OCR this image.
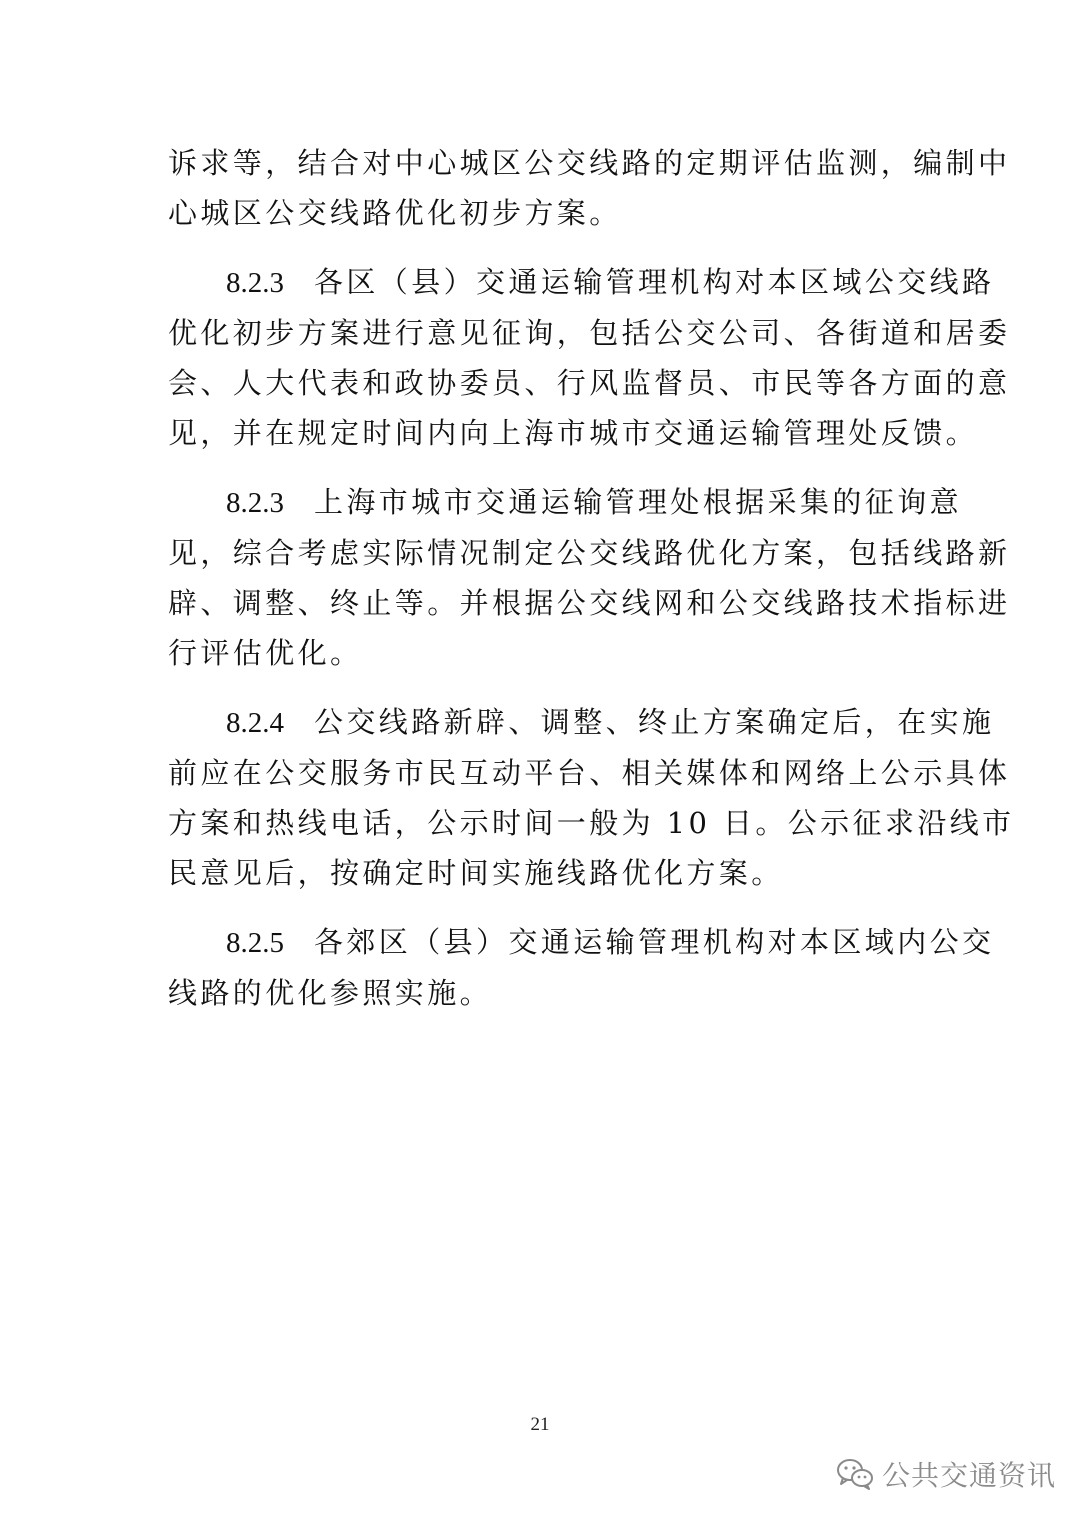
诉求等，结合对中心城区公交线路的定期评估监测，编制中
心城区公交线路优化初步方案。

8.2.3 各区（县）交通运输管理机构对本区域公交线路
优化初步方案进行意见征询，包括公交公司、各街道和居委
会、人大代表和政协委员、行风监督员、市民等各方面的意
见，并在规定时间内向上海市城市交通运输管理处反馈。

8.2.3 上海市城市交通运输管理处根据采集的征询意
见，综合考虑实际情况制定公交线路优化方案，包括线路新
辟、调整、终止等。并根据公交线网和公交线路技术指标进
行评估优化。

8.2.4 公交线路新辟、调整、终止方案确定后，在实施
前应在公交服务市民互动平台、相关媒体和网络上公示具体
方案和热线电话，公示时间一般为 10 日。公示征求沿线市
民意见后，按确定时间实施线路优化方案。

8.2.5 各郊区（县）交通运输管理机构对本区域内公交
线路的优化参照实施。

21
公共交通资讯
